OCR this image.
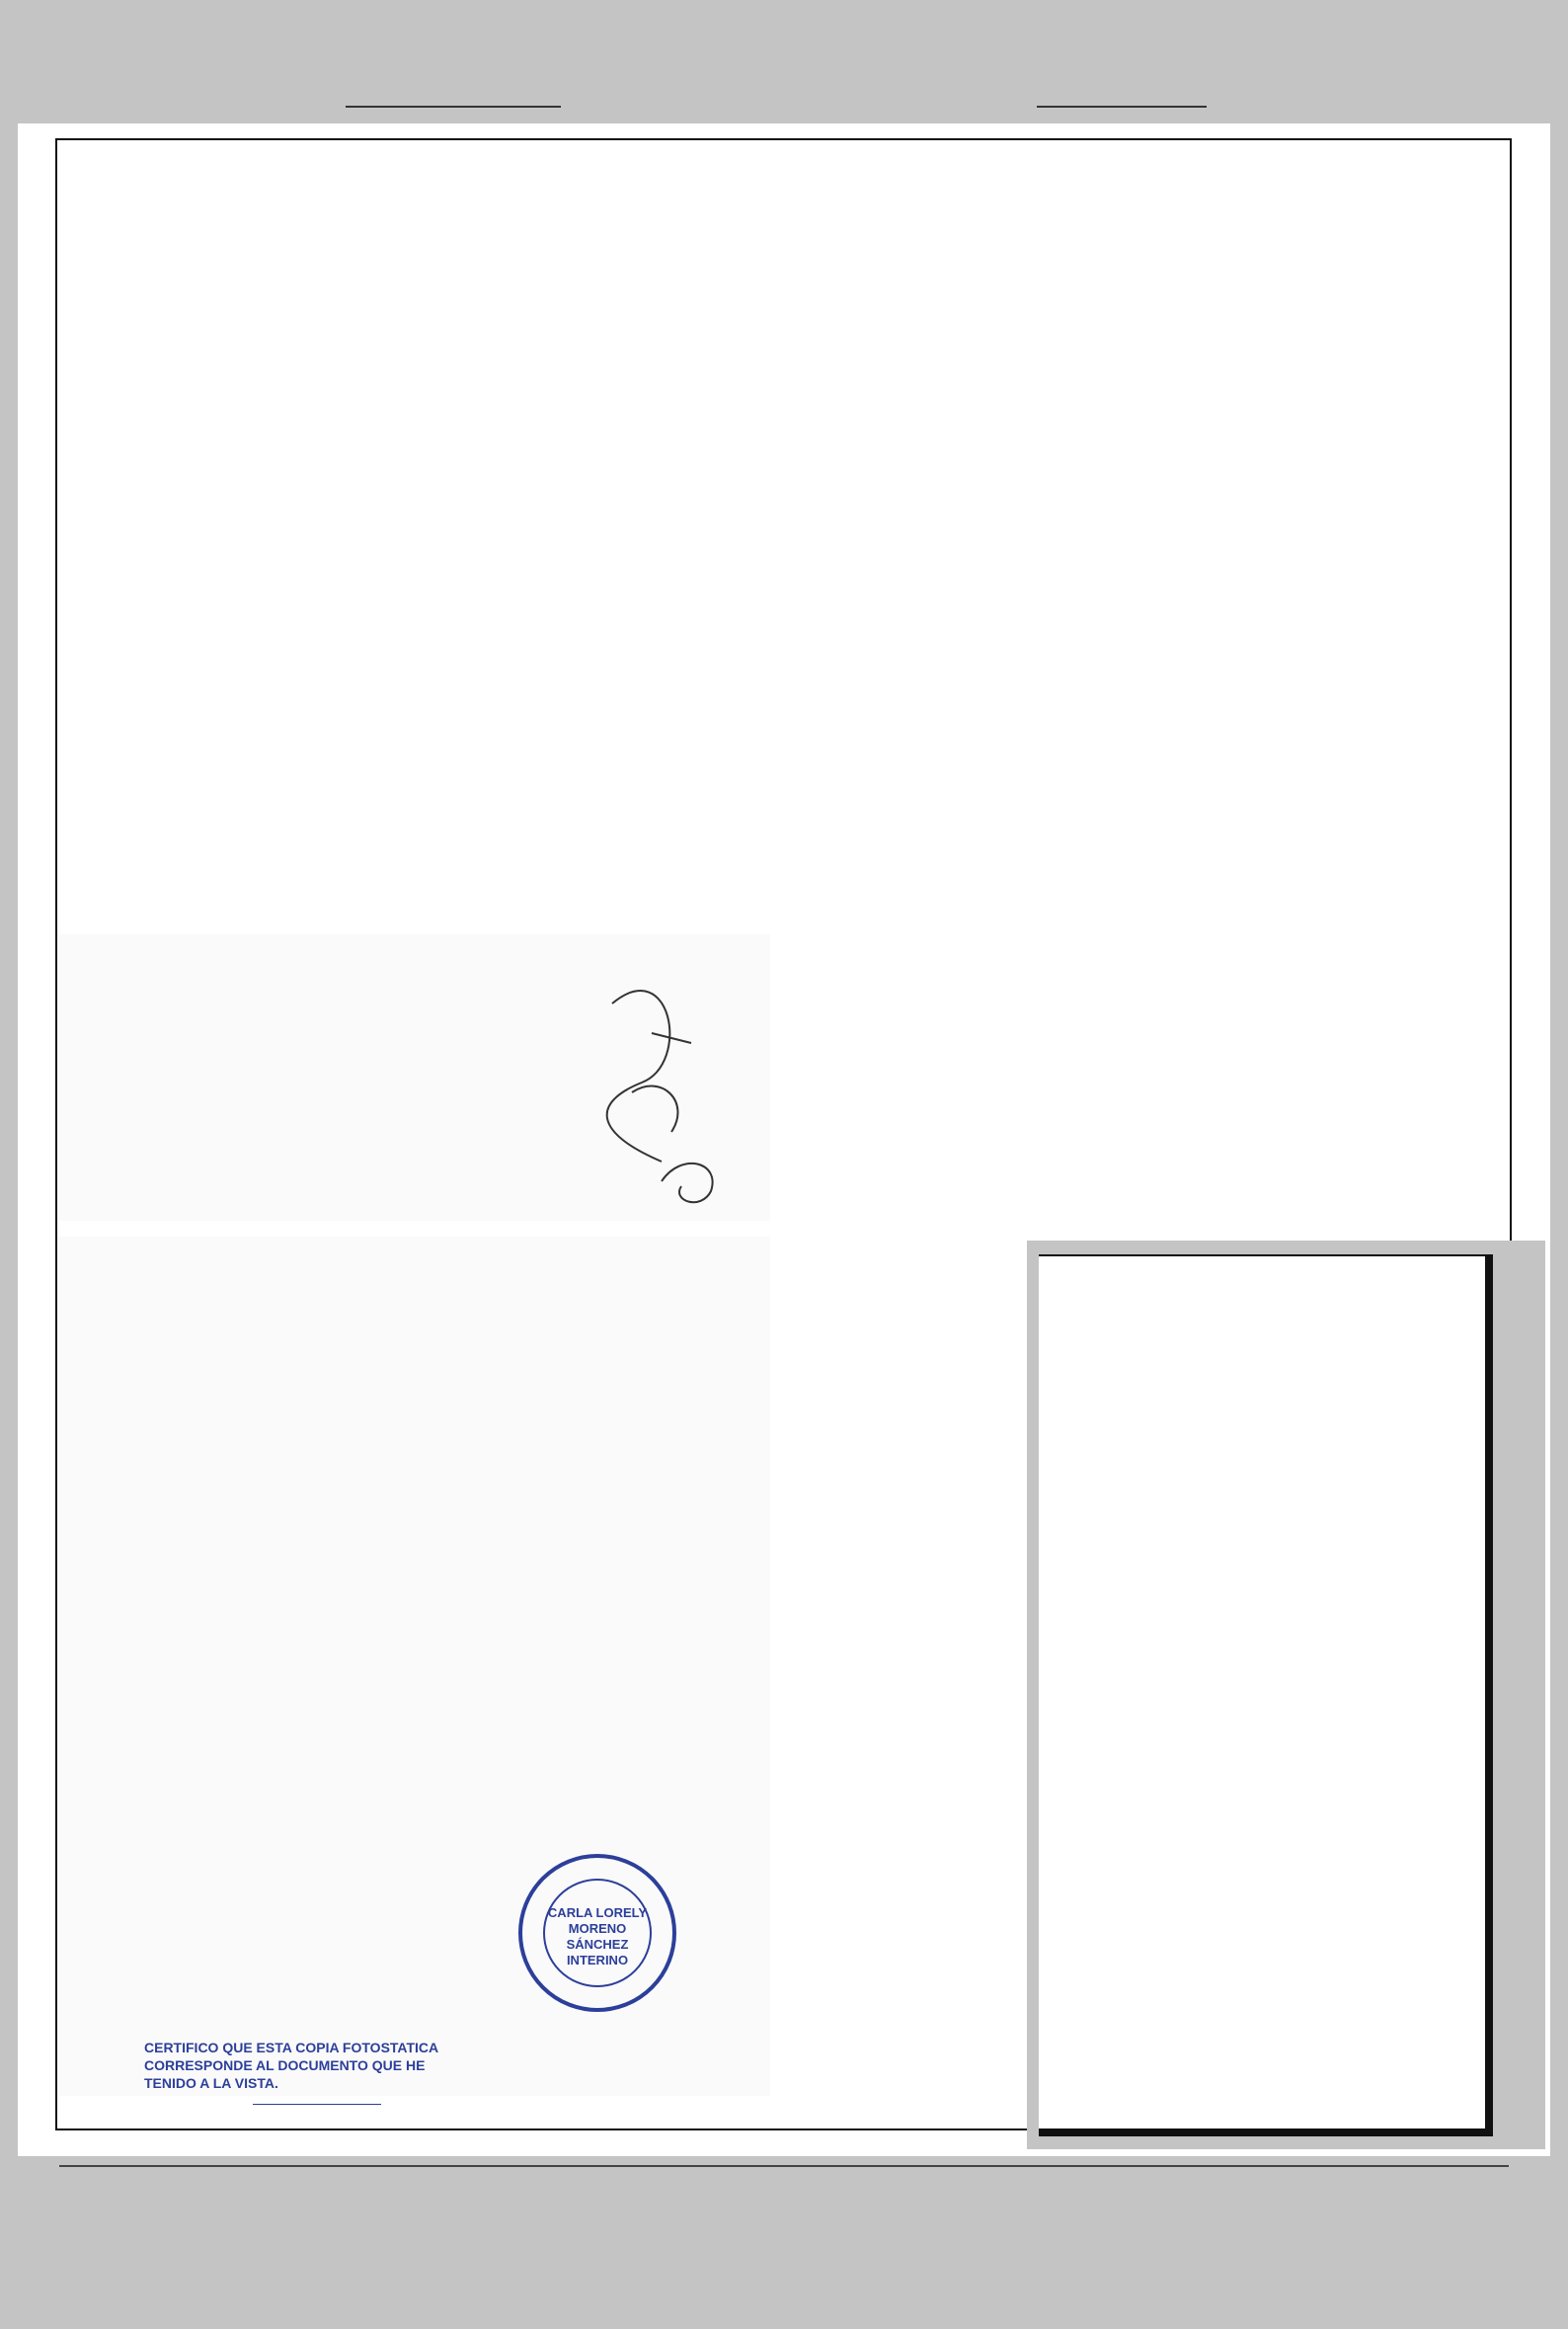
CARLA LORELY
MORENO
SÁNCHEZ
INTERINO
CERTIFICO QUE ESTA COPIA FOTOSTATICA
CORRESPONDE AL DOCUMENTO QUE HE
TENIDO A LA VISTA.
